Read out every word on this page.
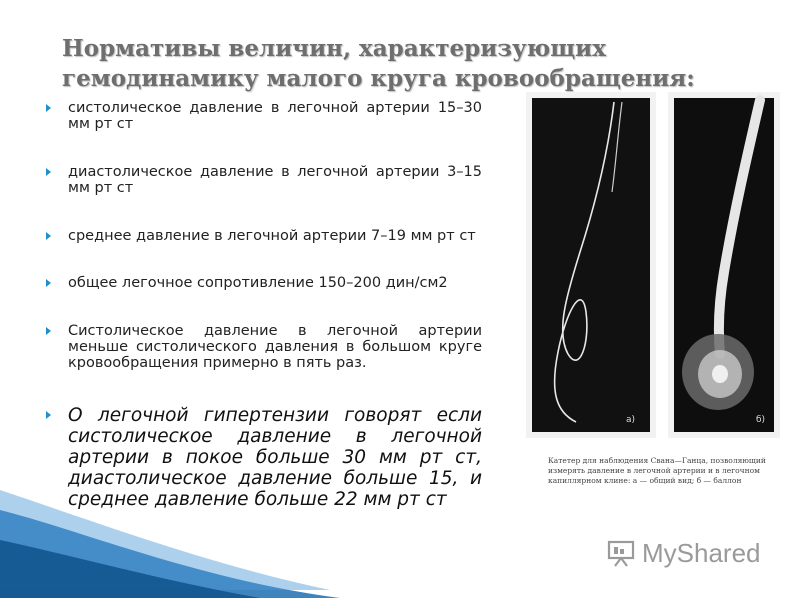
Нормативы величин, характеризующих гемодинамику малого круга кровообращения:
систолическое давление в легочной артерии 15–30 мм рт ст
диастолическое давление в легочной артерии 3–15 мм рт ст
среднее давление в легочной артерии 7–19 мм рт ст
общее легочное сопротивление 150–200 дин/см2
Систолическое давление в легочной артерии меньше систолического давления в большом круге кровообращения примерно в пять раз.
О легочной гипертензии говорят если систолическое давление в легочной артерии в покое больше 30 мм рт ст, диастолическое давление больше 15, и среднее давление больше 22 мм рт ст
а)	б)

Катетер для наблюдения Свана—Ганца, позволяющий измерять давление в легочной артерии и в легочном капиллярном клине: а — общий вид; б — баллон

MyShared
